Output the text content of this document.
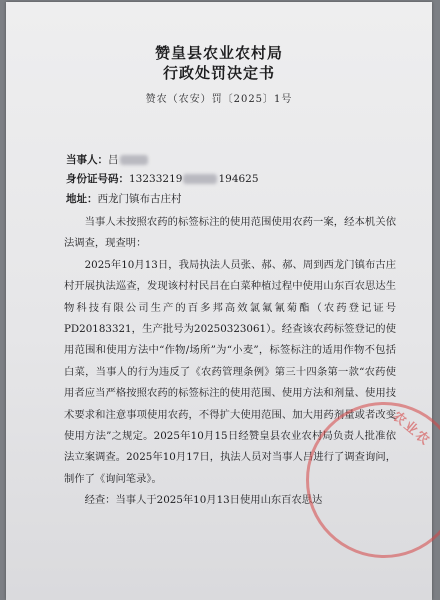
赞皇县农业农村局
行政处罚决定书
赞农（农安）罚〔2025〕1号
当事人：吕
身份证号码：13233219	194625
地址：西龙门镇布古庄村

当事人未按照农药的标签标注的使用范围使用农药一案，经本机关依法调查，现查明：

2025年10月13日，我局执法人员张、郝、郝、周到西龙门镇布古庄村开展执法巡查，发现该村村民吕在白菜种植过程中使用山东百农思达生物科技有限公司生产的百多邦高效氯氟氰菊酯（农药登记证号PD20183321，生产批号为20250323061）。经查该农药标签登记的使用范围和使用方法中“作物/场所”为“小麦”，标签标注的适用作物不包括白菜，当事人的行为违反了《农药管理条例》第三十四条第一款“农药使用者应当严格按照农药的标签标注的使用范围、使用方法和剂量、使用技术要求和注意事项使用农药，不得扩大使用范围、加大用药剂量或者改变使用方法”之规定。2025年10月15日经赞皇县农业农村局负责人批准依法立案调查。2025年10月17日，执法人员对当事人吕进行了调查询问，制作了《询问笔录》。

经查：当事人于2025年10月13日使用山东百农思达

农业农
